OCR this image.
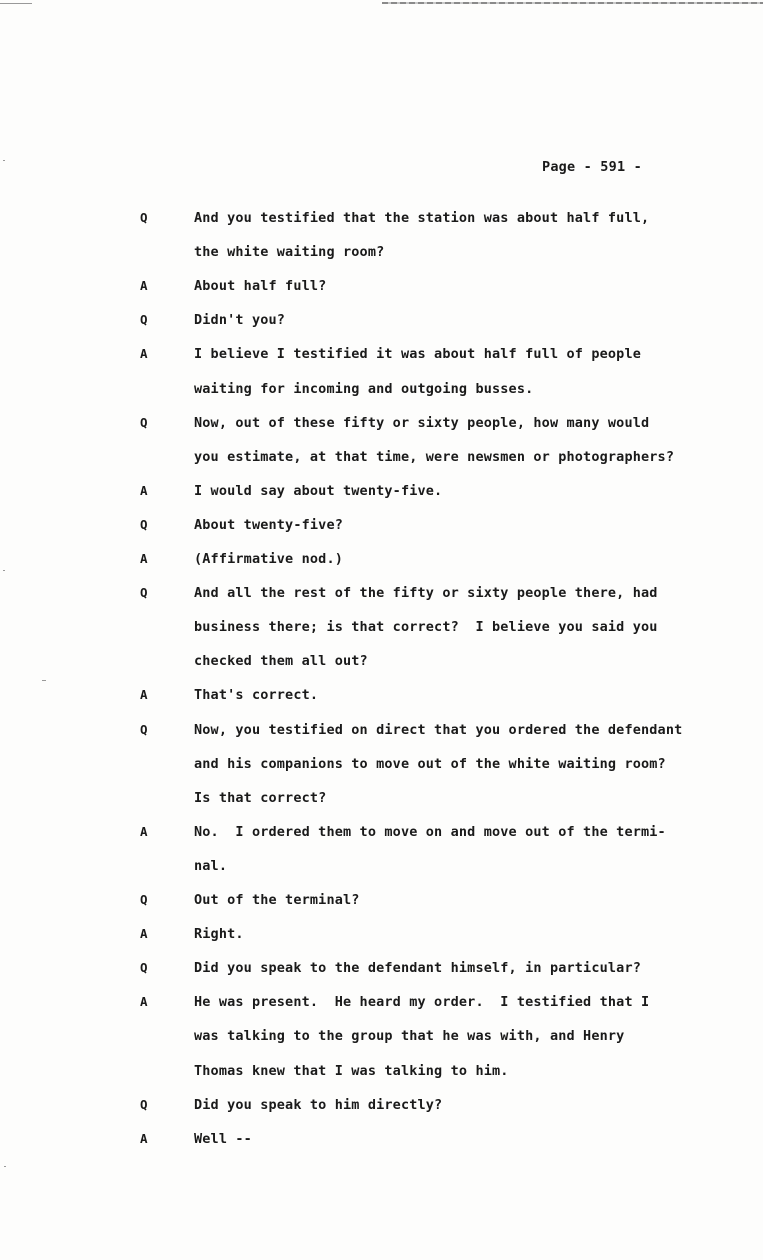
Page - 591 -
Q	And you testified that the station was about half full,
the white waiting room?
A	About half full?
Q	Didn't you?
A	I believe I testified it was about half full of people
waiting for incoming and outgoing busses.
Q	Now, out of these fifty or sixty people, how many would
you estimate, at that time, were newsmen or photographers?
A	I would say about twenty-five.
Q	About twenty-five?
A	(Affirmative nod.)
Q	And all the rest of the fifty or sixty people there, had
business there; is that correct?  I believe you said you
checked them all out?
A	That's correct.
Q	Now, you testified on direct that you ordered the defendant
and his companions to move out of the white waiting room?
Is that correct?
A	No.  I ordered them to move on and move out of the termi-
nal.
Q	Out of the terminal?
A	Right.
Q	Did you speak to the defendant himself, in particular?
A	He was present.  He heard my order.  I testified that I
was talking to the group that he was with, and Henry
Thomas knew that I was talking to him.
Q	Did you speak to him directly?
A	Well --
